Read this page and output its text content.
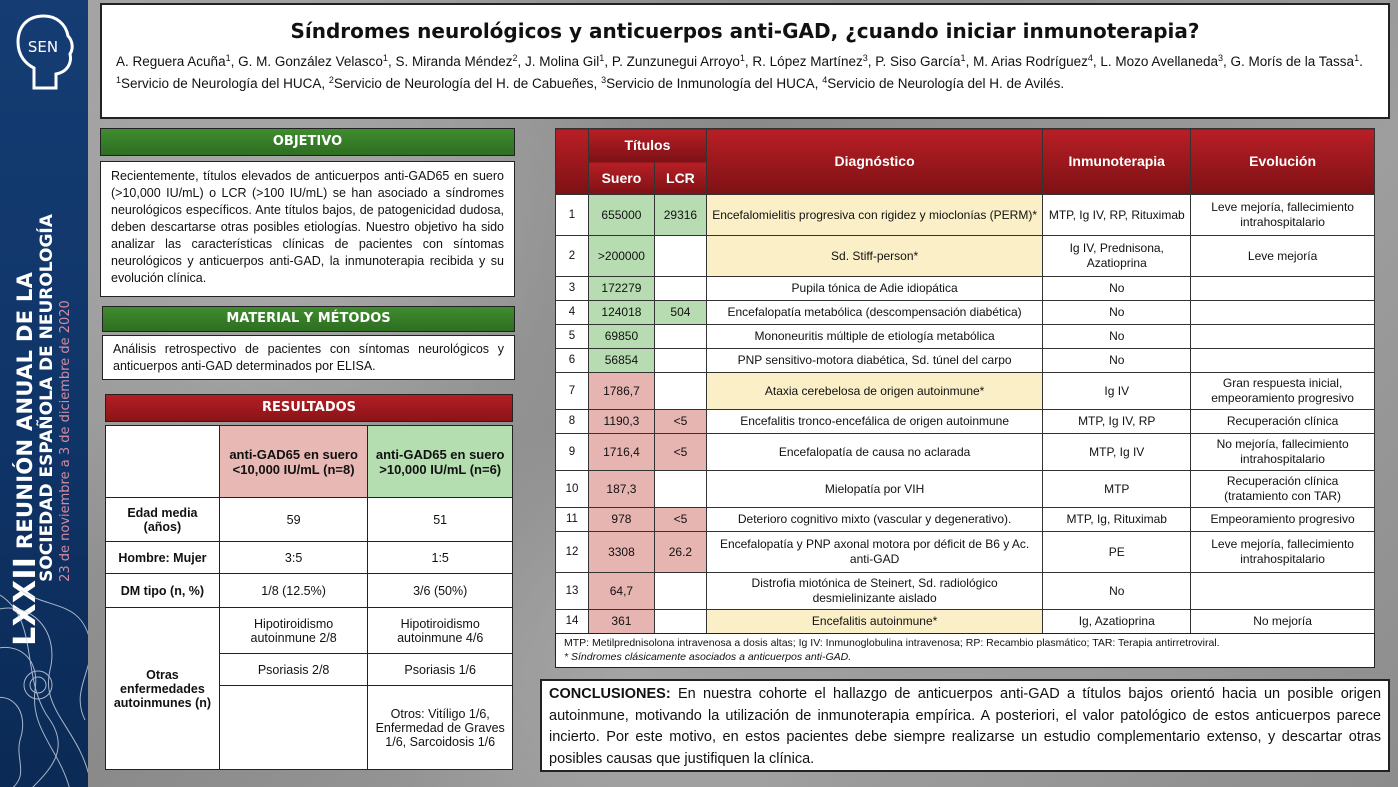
SEN
LXXII REUNIÓN ANUAL DE LA SOCIEDAD ESPAÑOLA DE NEUROLOGÍA 23 de noviembre a 3 de diciembre de 2020
Síndromes neurológicos y anticuerpos anti-GAD, ¿cuando iniciar inmunoterapia?

A. Reguera Acuña$^1$, G. M. González Velasco$^1$, S. Miranda Méndez$^2$, J. Molina Gil$^1$, P. Zunzunegui Arroyo$^1$, R. López Martínez$^3$, P. Siso García$^1$, M. Arias Rodríguez$^4$, L. Mozo Avellaneda$^3$, G. Morís de la Tassa$^1$.

$^1$Servicio de Neurología del HUCA, $^2$Servicio de Neurología del H. de Cabueñes, $^3$Servicio de Inmunología del HUCA, $^4$Servicio de Neurología del H. de Avilés.

OBJETIVO
Recientemente, títulos elevados de anticuerpos anti-GAD65 en suero (>10,000 IU/mL) o LCR (>100 IU/mL) se han asociado a síndromes neurológicos específicos. Ante títulos bajos, de patogenicidad dudosa, deben descartarse otras posibles etiologías. Nuestro objetivo ha sido analizar las características clínicas de pacientes con síntomas neurológicos y anticuerpos anti-GAD, la inmunoterapia recibida y su evolución clínica.
MATERIAL Y MÉTODOS
Análisis retrospectivo de pacientes con síntomas neurológicos y anticuerpos anti-GAD determinados por ELISA.
RESULTADOS
	anti-GAD65 en suero <10,000 IU/mL (n=8)	anti-GAD65 en suero >10,000 IU/mL (n=6)
Edad media (años)	59	51
Hombre: Mujer	3:5	1:5
DM tipo (n, %)	1/8 (12.5%)	3/6 (50%)
Otras enfermedades autoinmunes (n)	Hipotiroidismo autoinmune 2/8	Hipotiroidismo autoinmune 4/6
	Psoriasis 2/8	Psoriasis 1/6
		Otros: Vitíligo 1/6, Enfermedad de Graves 1/6, Sarcoidosis 1/6
	Títulos		Diagnóstico	Inmunoterapia	Evolución
	Suero	LCR			
1	655000	29316	Encefalomielitis progresiva con rigidez y mioclonías (PERM)*	MTP, Ig IV, RP, Rituximab	Leve mejoría, fallecimiento intrahospitalario
2	>200000		Sd. Stiff-person*	Ig IV, Prednisona, Azatioprina	Leve mejoría
3	172279		Pupila tónica de Adie idiopática	No	
4	124018	504	Encefalopatía metabólica (descompensación diabética)	No	
5	69850		Mononeuritis múltiple de etiología metabólica	No	
6	56854		PNP sensitivo-motora diabética, Sd. túnel del carpo	No	
7	1786,7		Ataxia cerebelosa de origen autoinmune*	Ig IV	Gran respuesta inicial, empeoramiento progresivo
8	1190,3	<5	Encefalitis tronco-encefálica de origen autoinmune	MTP, Ig IV, RP	Recuperación clínica
9	1716,4	<5	Encefalopatía de causa no aclarada	MTP, Ig IV	No mejoría, fallecimiento intrahospitalario
10	187,3		Mielopatía por VIH	MTP	Recuperación clínica (tratamiento con TAR)
11	978	<5	Deterioro cognitivo mixto (vascular y degenerativo).	MTP, Ig, Rituximab	Empeoramiento progresivo
12	3308	26.2	Encefalopatía y PNP axonal motora por déficit de B6 y Ac. anti-GAD	PE	Leve mejoría, fallecimiento intrahospitalario
13	64,7		Distrofia miotónica de Steinert, Sd. radiológico desmielinizante aislado	No	
14	361		Encefalitis autoinmune*	Ig, Azatioprina	No mejoría
MTP: Metilprednisolona intravenosa a dosis altas; Ig IV: Inmunoglobulina intravenosa; RP: Recambio plasmático; TAR: Terapia antirretroviral.
* Síndromes clásicamente asociados a anticuerpos anti-GAD.
CONCLUSIONES: En nuestra cohorte el hallazgo de anticuerpos anti-GAD a títulos bajos orientó hacia un posible origen autoinmune, motivando la utilización de inmunoterapia empírica. A posteriori, el valor patológico de estos anticuerpos parece incierto. Por este motivo, en estos pacientes debe siempre realizarse un estudio complementario extenso, y descartar otras posibles causas que justifiquen la clínica.
